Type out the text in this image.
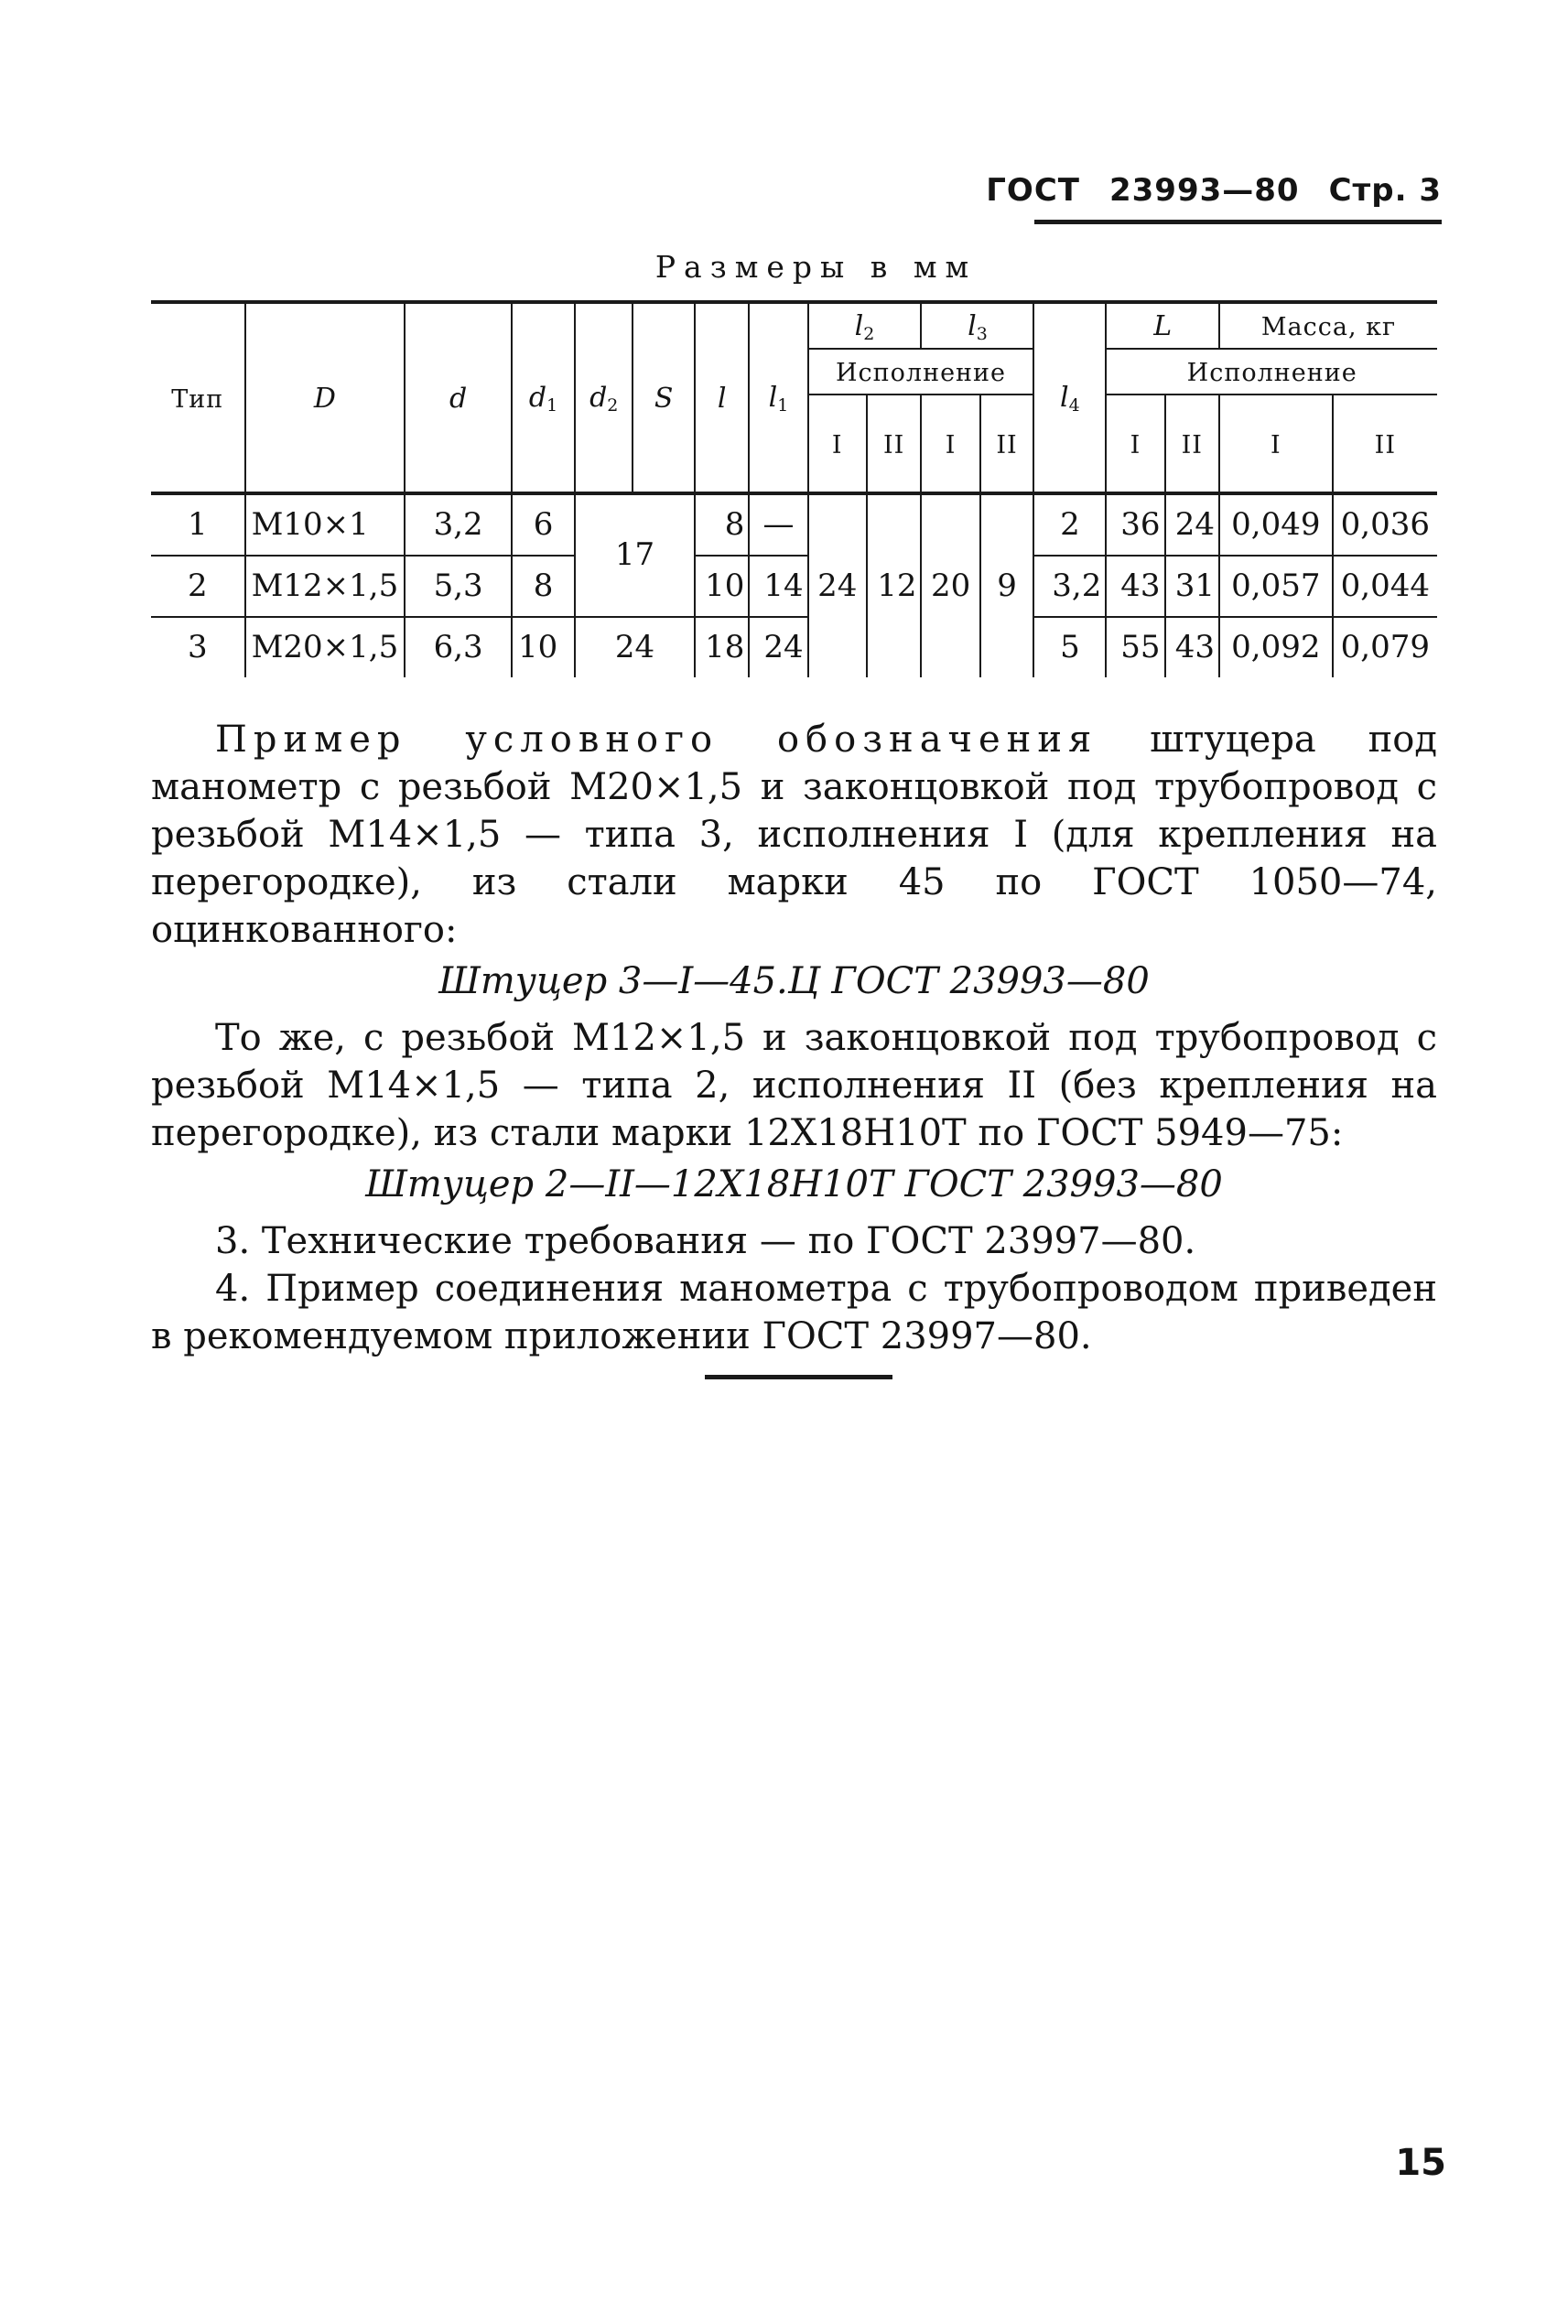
ГОСТ 23993—80 Стр. 3
Размеры в мм
Тип	D	d	$d_1$	$d_2$	S	l	$l_1$	$l_2$		$l_3$		$l_4$	L		Масса, кг	
								Исполнение					Исполнение			
								I	II	I	II		I	II	I	II
1	M10×1	3,2	6	17		8	—	24	12	20	9	2	36	24	0,049	0,036
2	M12×1,5	5,3	8			10	14					3,2	43	31	0,057	0,044
3	M20×1,5	6,3	10	24		18	24					5	55	43	0,092	0,079

Пример условного обозначения штуцера под манометр с резьбой М20×1,5 и законцовкой под трубопровод с резьбой М14×1,5 — типа 3, исполнения I (для крепления на перегородке), из стали марки 45 по ГОСТ 1050—74, оцинкованного:

Штуцер 3—I—45.Ц ГОСТ 23993—80

То же, с резьбой М12×1,5 и законцовкой под трубопровод с резьбой М14×1,5 — типа 2, исполнения II (без крепления на перегородке), из стали марки 12Х18Н10Т по ГОСТ 5949—75:

Штуцер 2—II—12Х18Н10Т ГОСТ 23993—80

3. Технические требования — по ГОСТ 23997—80.

4. Пример соединения манометра с трубопроводом приведен в рекомендуемом приложении ГОСТ 23997—80.

15
